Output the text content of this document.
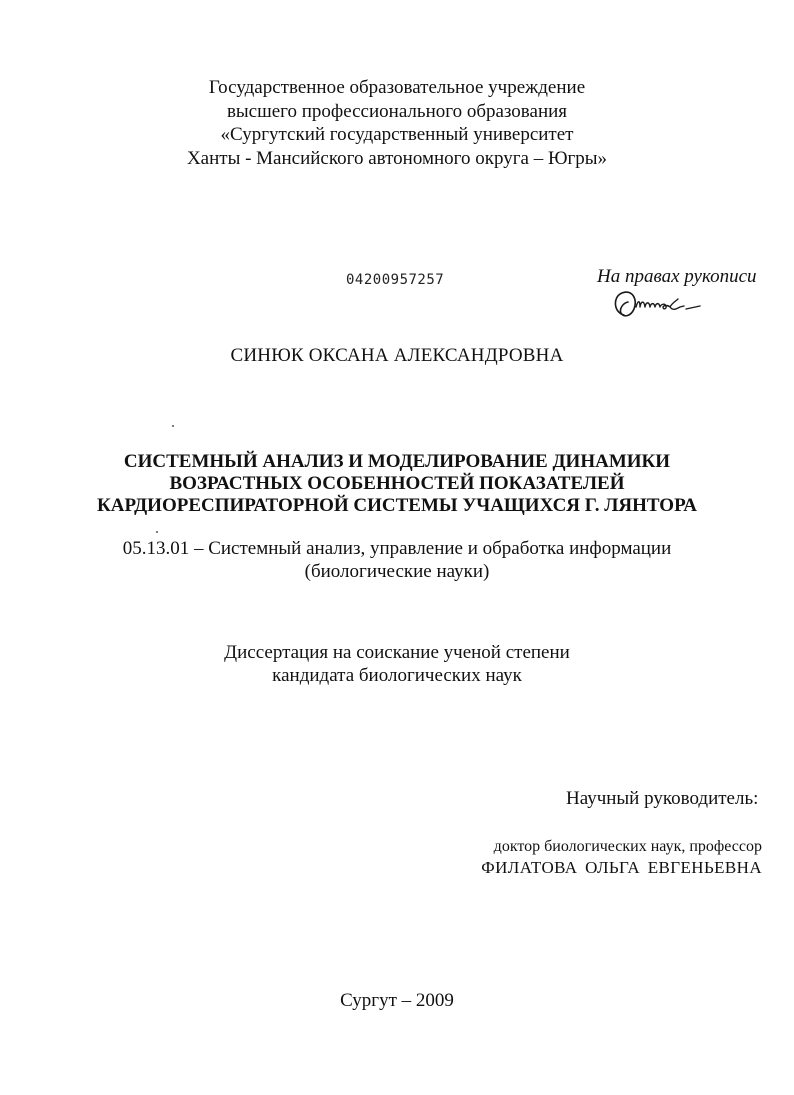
Государственное образовательное учреждение
высшего профессионального образования
«Сургутский государственный университет
Ханты - Мансийского автономного округа – Югры»
04200957257	На правах рукописи
СИНЮК ОКСАНА АЛЕКСАНДРОВНА
СИСТЕМНЫЙ АНАЛИЗ И МОДЕЛИРОВАНИЕ ДИНАМИКИ
ВОЗРАСТНЫХ ОСОБЕННОСТЕЙ ПОКАЗАТЕЛЕЙ
КАРДИОРЕСПИРАТОРНОЙ СИСТЕМЫ УЧАЩИХСЯ Г. ЛЯНТОРА
05.13.01 – Системный анализ, управление и обработка информации
(биологические науки)
Диссертация на соискание ученой степени
кандидата биологических наук
Научный руководитель:
доктор биологических наук, профессор
ФИЛАТОВА ОЛЬГА ЕВГЕНЬЕВНА
Сургут – 2009
